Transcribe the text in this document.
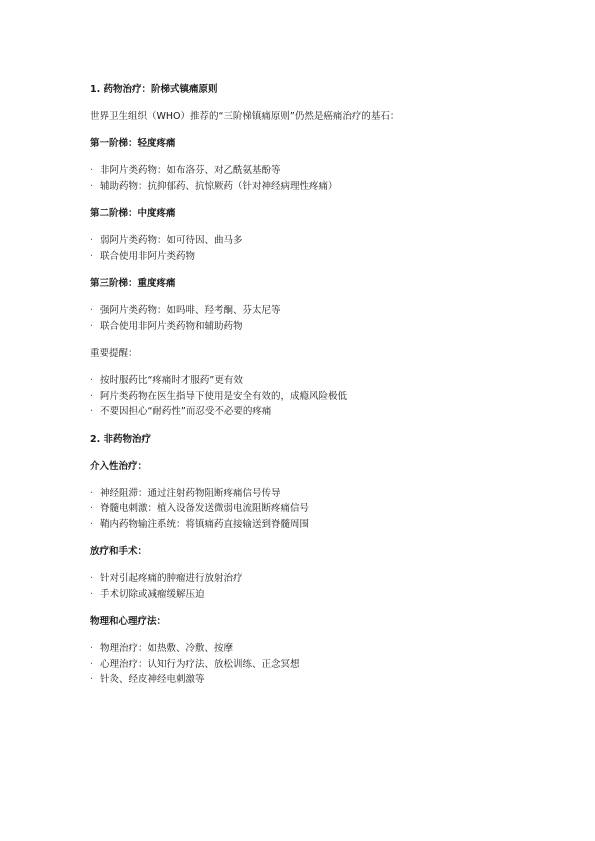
1. 药物治疗：阶梯式镇痛原则

世界卫生组织（WHO）推荐的“三阶梯镇痛原则”仍然是癌痛治疗的基石：

第一阶梯：轻度疼痛

· 非阿片类药物：如布洛芬、对乙酰氨基酚等
· 辅助药物：抗抑郁药、抗惊厥药（针对神经病理性疼痛）

第二阶梯：中度疼痛

· 弱阿片类药物：如可待因、曲马多
· 联合使用非阿片类药物

第三阶梯：重度疼痛

· 强阿片类药物：如吗啡、羟考酮、芬太尼等
· 联合使用非阿片类药物和辅助药物

重要提醒：

· 按时服药比“疼痛时才服药”更有效
· 阿片类药物在医生指导下使用是安全有效的，成瘾风险极低
· 不要因担心“耐药性”而忍受不必要的疼痛

2. 非药物治疗

介入性治疗：

· 神经阻滞：通过注射药物阻断疼痛信号传导
· 脊髓电刺激：植入设备发送微弱电流阻断疼痛信号
· 鞘内药物输注系统：将镇痛药直接输送到脊髓周围

放疗和手术：

· 针对引起疼痛的肿瘤进行放射治疗
· 手术切除或减瘤缓解压迫

物理和心理疗法：

· 物理治疗：如热敷、冷敷、按摩
· 心理治疗：认知行为疗法、放松训练、正念冥想
· 针灸、经皮神经电刺激等
